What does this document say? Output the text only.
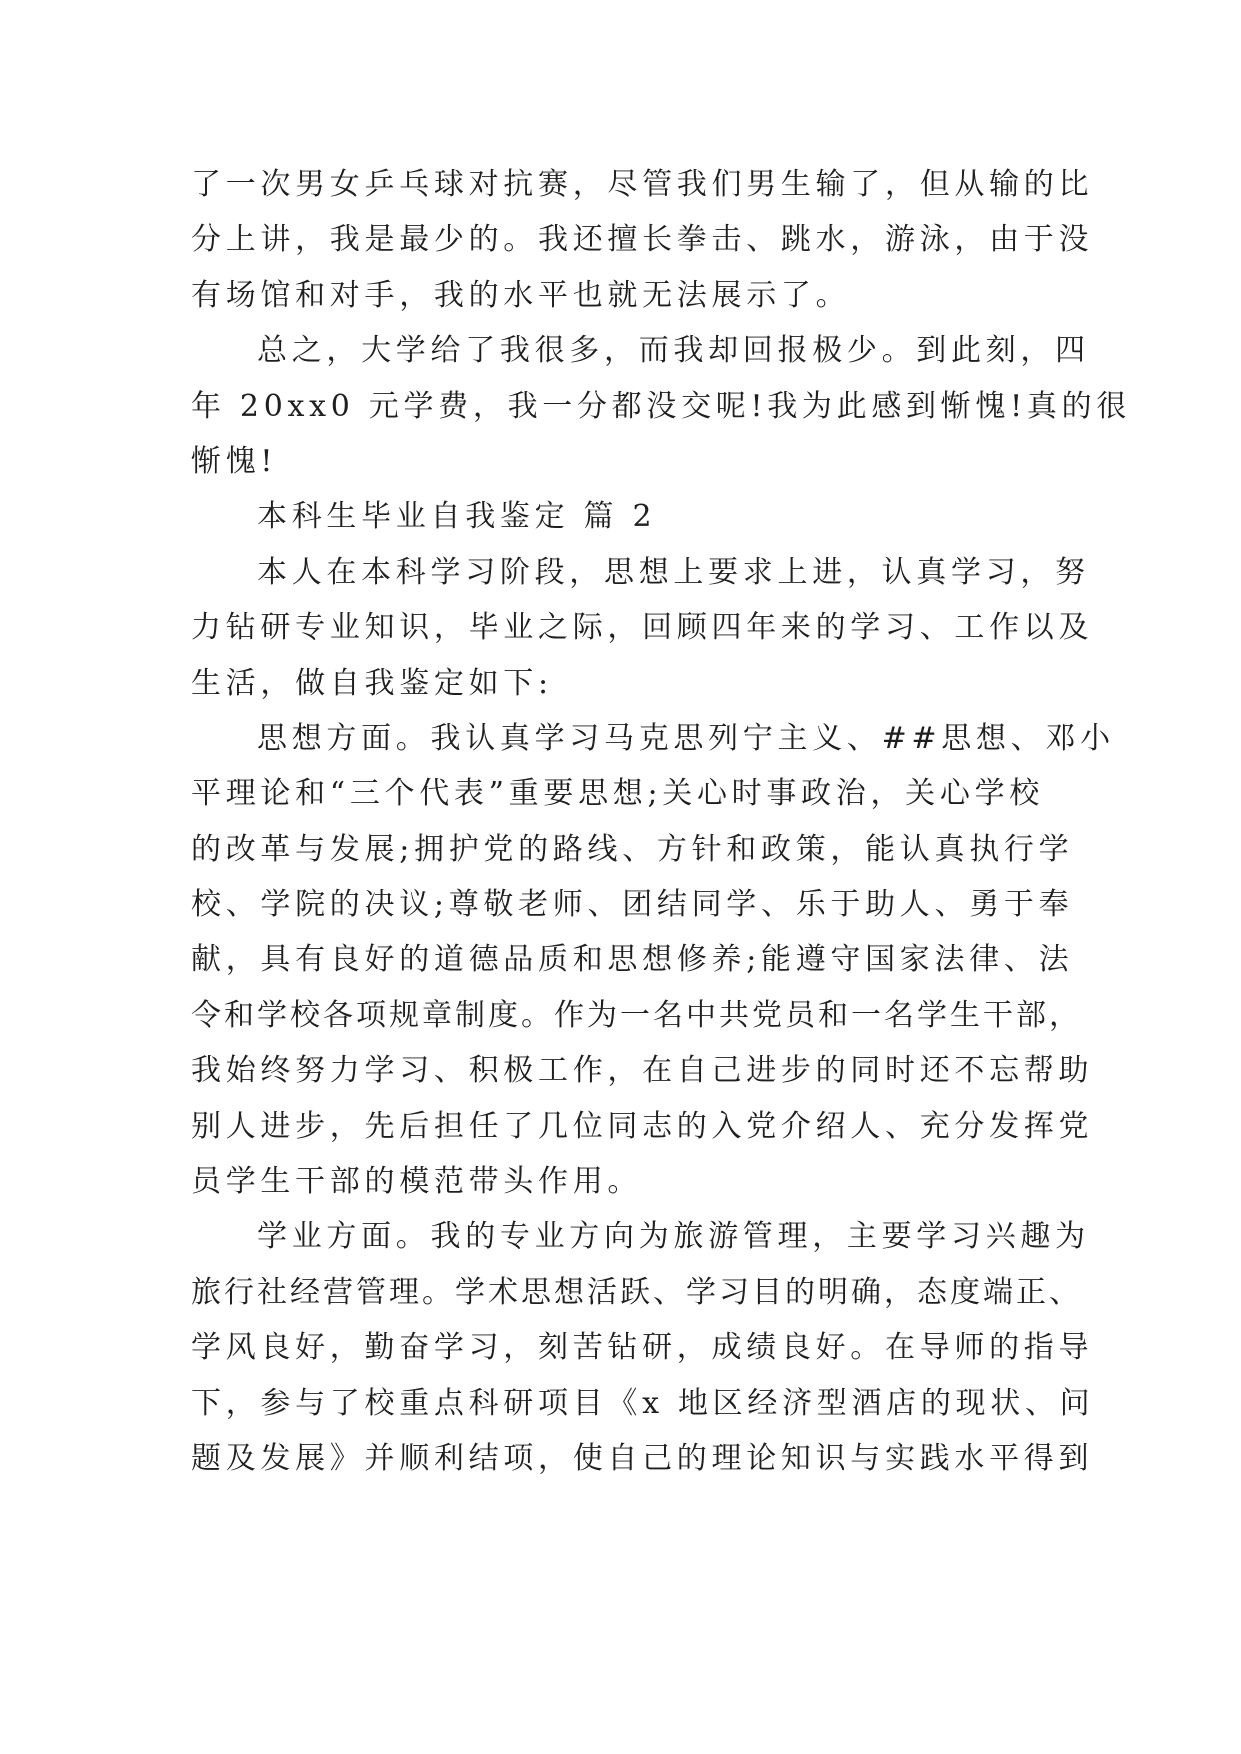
了一次男女乒乓球对抗赛，尽管我们男生输了，但从输的比
分上讲，我是最少的。我还擅长拳击、跳水，游泳，由于没
有场馆和对手，我的水平也就无法展示了。
总之，大学给了我很多，而我却回报极少。到此刻，四
年 20xx0 元学费，我一分都没交呢!我为此感到惭愧!真的很
惭愧!
本科生毕业自我鉴定 篇 2
本人在本科学习阶段，思想上要求上进，认真学习，努
力钻研专业知识，毕业之际，回顾四年来的学习、工作以及
生活，做自我鉴定如下:
思想方面。我认真学习马克思列宁主义、##思想、邓小
平理论和“三个代表”重要思想;关心时事政治，关心学校
的改革与发展;拥护党的路线、方针和政策，能认真执行学
校、学院的决议;尊敬老师、团结同学、乐于助人、勇于奉
献，具有良好的道德品质和思想修养;能遵守国家法律、法
令和学校各项规章制度。作为一名中共党员和一名学生干部，
我始终努力学习、积极工作，在自己进步的同时还不忘帮助
别人进步，先后担任了几位同志的入党介绍人、充分发挥党
员学生干部的模范带头作用。
学业方面。我的专业方向为旅游管理，主要学习兴趣为
旅行社经营管理。学术思想活跃、学习目的明确，态度端正、
学风良好，勤奋学习，刻苦钻研，成绩良好。在导师的指导
下，参与了校重点科研项目《x 地区经济型酒店的现状、问
题及发展》并顺利结项，使自己的理论知识与实践水平得到
